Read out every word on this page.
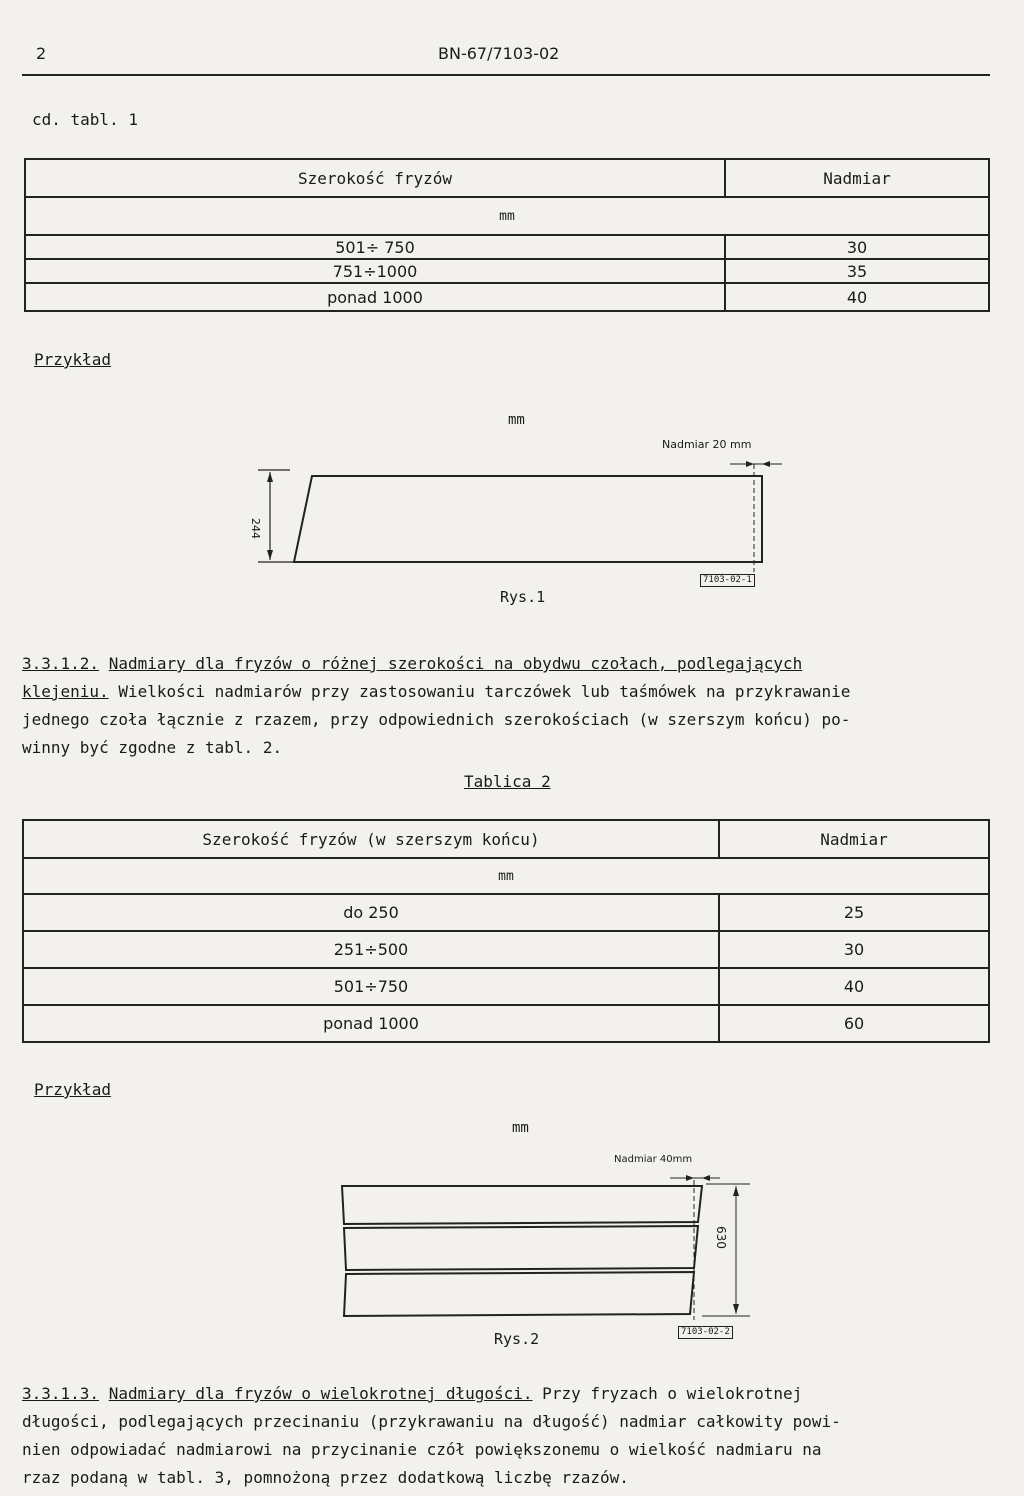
2	BN-67/7103-02
cd. tabl. 1
Szerokość fryzów	Nadmiar
mm	
501÷ 750	30
751÷1000	35
ponad 1000	40
Przykład
mm
Nadmiar 20 mm
244
Rys.1
7103-02-1

3.3.1.2. Nadmiary dla fryzów o różnej szerokości na obydwu czołach, podlegających
klejeniu. Wielkości nadmiarów przy zastosowaniu tarczówek lub taśmówek na przykrawanie
jednego czoła łącznie z rzazem, przy odpowiednich szerokościach (w szerszym końcu) po-
winny być zgodne z tabl. 2.

Tablica 2
Szerokość fryzów (w szerszym końcu)	Nadmiar
mm	
do 250	25
251÷500	30
501÷750	40
ponad 1000	60
Przykład
mm
Nadmiar 40mm
630
Rys.2	7103-02-2

3.3.1.3. Nadmiary dla fryzów o wielokrotnej długości. Przy fryzach o wielokrotnej
długości, podlegających przecinaniu (przykrawaniu na długość) nadmiar całkowity powi-
nien odpowiadać nadmiarowi na przycinanie czół powiększonemu o wielkość nadmiaru na
rzaz podaną w tabl. 3, pomnożoną przez dodatkową liczbę rzazów.
